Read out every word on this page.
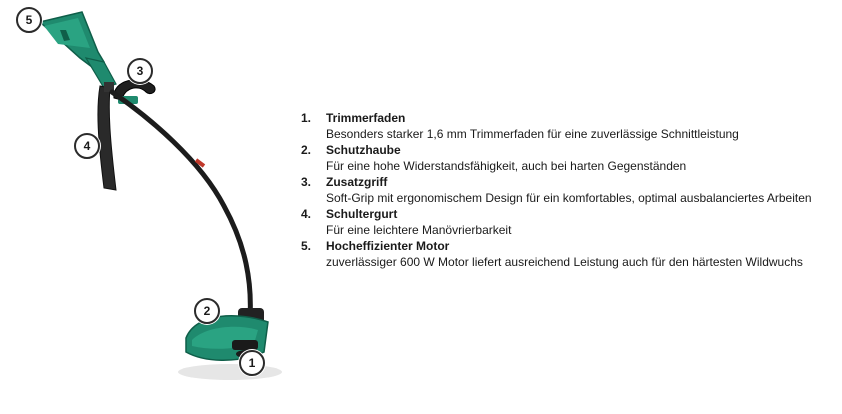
5
3
4
2
1
1. Trimmerfaden
Besonders starker 1,6 mm Trimmerfaden für eine zuverlässige Schnittleistung
2. Schutzhaube
Für eine hohe Widerstandsfähigkeit, auch bei harten Gegenständen
3. Zusatzgriff
Soft-Grip mit ergonomischem Design für ein komfortables, optimal ausbalanciertes Arbeiten
4. Schultergurt
Für eine leichtere Manövrierbarkeit
5. Hocheffizienter Motor
zuverlässiger 600 W Motor liefert ausreichend Leistung auch für den härtesten Wildwuchs
